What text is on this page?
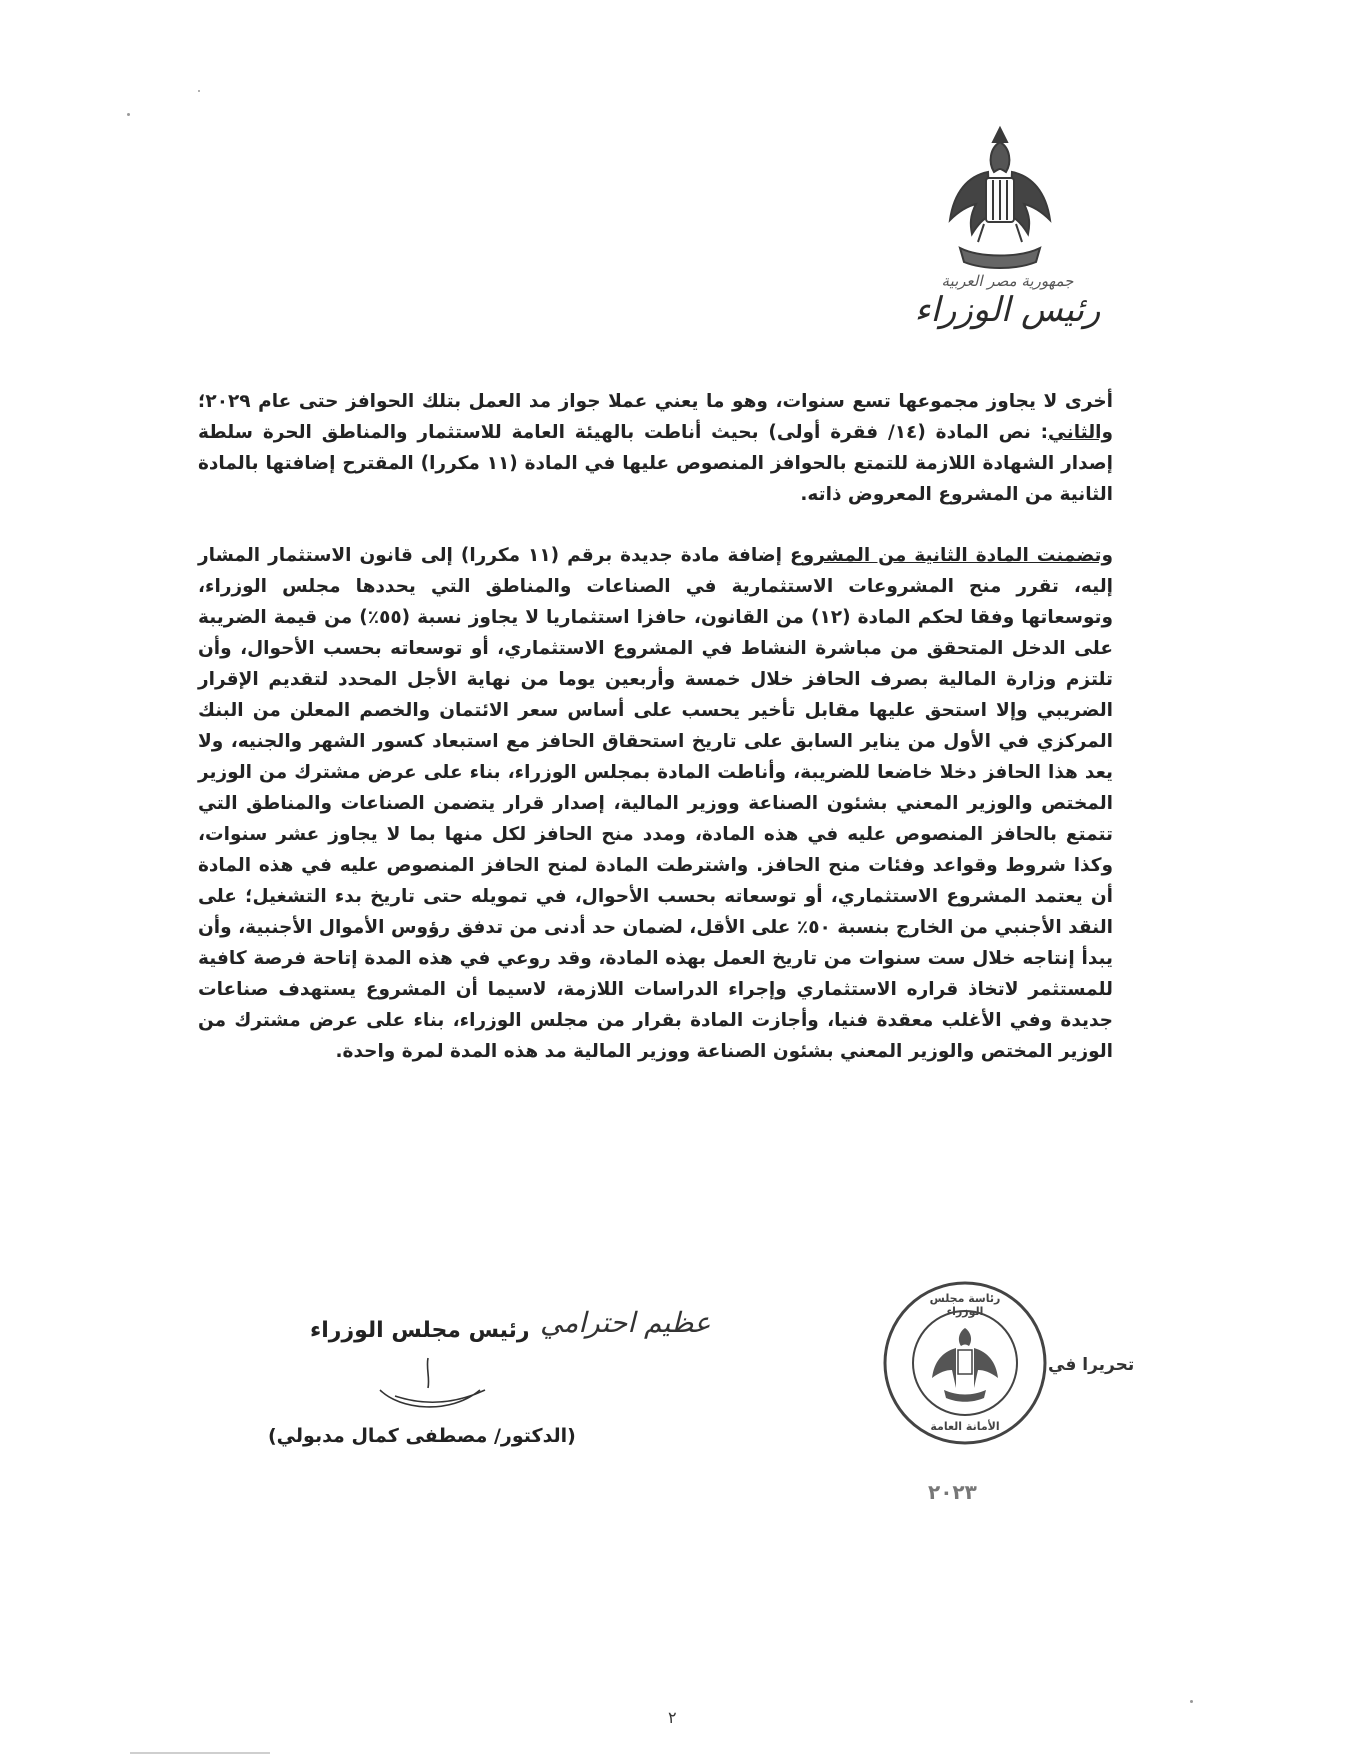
جمهورية مصر العربية
رئيس الوزراء

أخرى لا يجاوز مجموعها تسع سنوات، وهو ما يعني عملا جواز مد العمل بتلك الحوافز حتى عام ٢٠٢٩؛ والثاني: نص المادة (١٤/ فقرة أولى) بحيث أناطت بالهيئة العامة للاستثمار والمناطق الحرة سلطة إصدار الشهادة اللازمة للتمتع بالحوافز المنصوص عليها في المادة (١١ مكررا) المقترح إضافتها بالمادة الثانية من المشروع المعروض ذاته.

وتضمنت المادة الثانية من المشروع إضافة مادة جديدة برقم (١١ مكررا) إلى قانون الاستثمار المشار إليه، تقرر منح المشروعات الاستثمارية في الصناعات والمناطق التي يحددها مجلس الوزراء، وتوسعاتها وفقا لحكم المادة (١٢) من القانون، حافزا استثماريا لا يجاوز نسبة (٥٥٪) من قيمة الضريبة على الدخل المتحقق من مباشرة النشاط في المشروع الاستثماري، أو توسعاته بحسب الأحوال، وأن تلتزم وزارة المالية بصرف الحافز خلال خمسة وأربعين يوما من نهاية الأجل المحدد لتقديم الإقرار الضريبي وإلا استحق عليها مقابل تأخير يحسب على أساس سعر الائتمان والخصم المعلن من البنك المركزي في الأول من يناير السابق على تاريخ استحقاق الحافز مع استبعاد كسور الشهر والجنيه، ولا يعد هذا الحافز دخلا خاضعا للضريبة، وأناطت المادة بمجلس الوزراء، بناء على عرض مشترك من الوزير المختص والوزير المعني بشئون الصناعة ووزير المالية، إصدار قرار يتضمن الصناعات والمناطق التي تتمتع بالحافز المنصوص عليه في هذه المادة، ومدد منح الحافز لكل منها بما لا يجاوز عشر سنوات، وكذا شروط وقواعد وفئات منح الحافز. واشترطت المادة لمنح الحافز المنصوص عليه في هذه المادة أن يعتمد المشروع الاستثماري، أو توسعاته بحسب الأحوال، في تمويله حتى تاريخ بدء التشغيل؛ على النقد الأجنبي من الخارج بنسبة ٥٠٪ على الأقل، لضمان حد أدنى من تدفق رؤوس الأموال الأجنبية، وأن يبدأ إنتاجه خلال ست سنوات من تاريخ العمل بهذه المادة، وقد روعي في هذه المدة إتاحة فرصة كافية للمستثمر لاتخاذ قراره الاستثماري وإجراء الدراسات اللازمة، لاسيما أن المشروع يستهدف صناعات جديدة وفي الأغلب معقدة فنيا، وأجازت المادة بقرار من مجلس الوزراء، بناء على عرض مشترك من الوزير المختص والوزير المعني بشئون الصناعة ووزير المالية مد هذه المدة لمرة واحدة.

رئيس مجلس الوزراء عظيم احترامي
(الدكتور/ مصطفى كمال مدبولي)
رئاسة مجلس الوزراء
الأمانة العامة
تحريرا في
٢٠٢٣
٢
